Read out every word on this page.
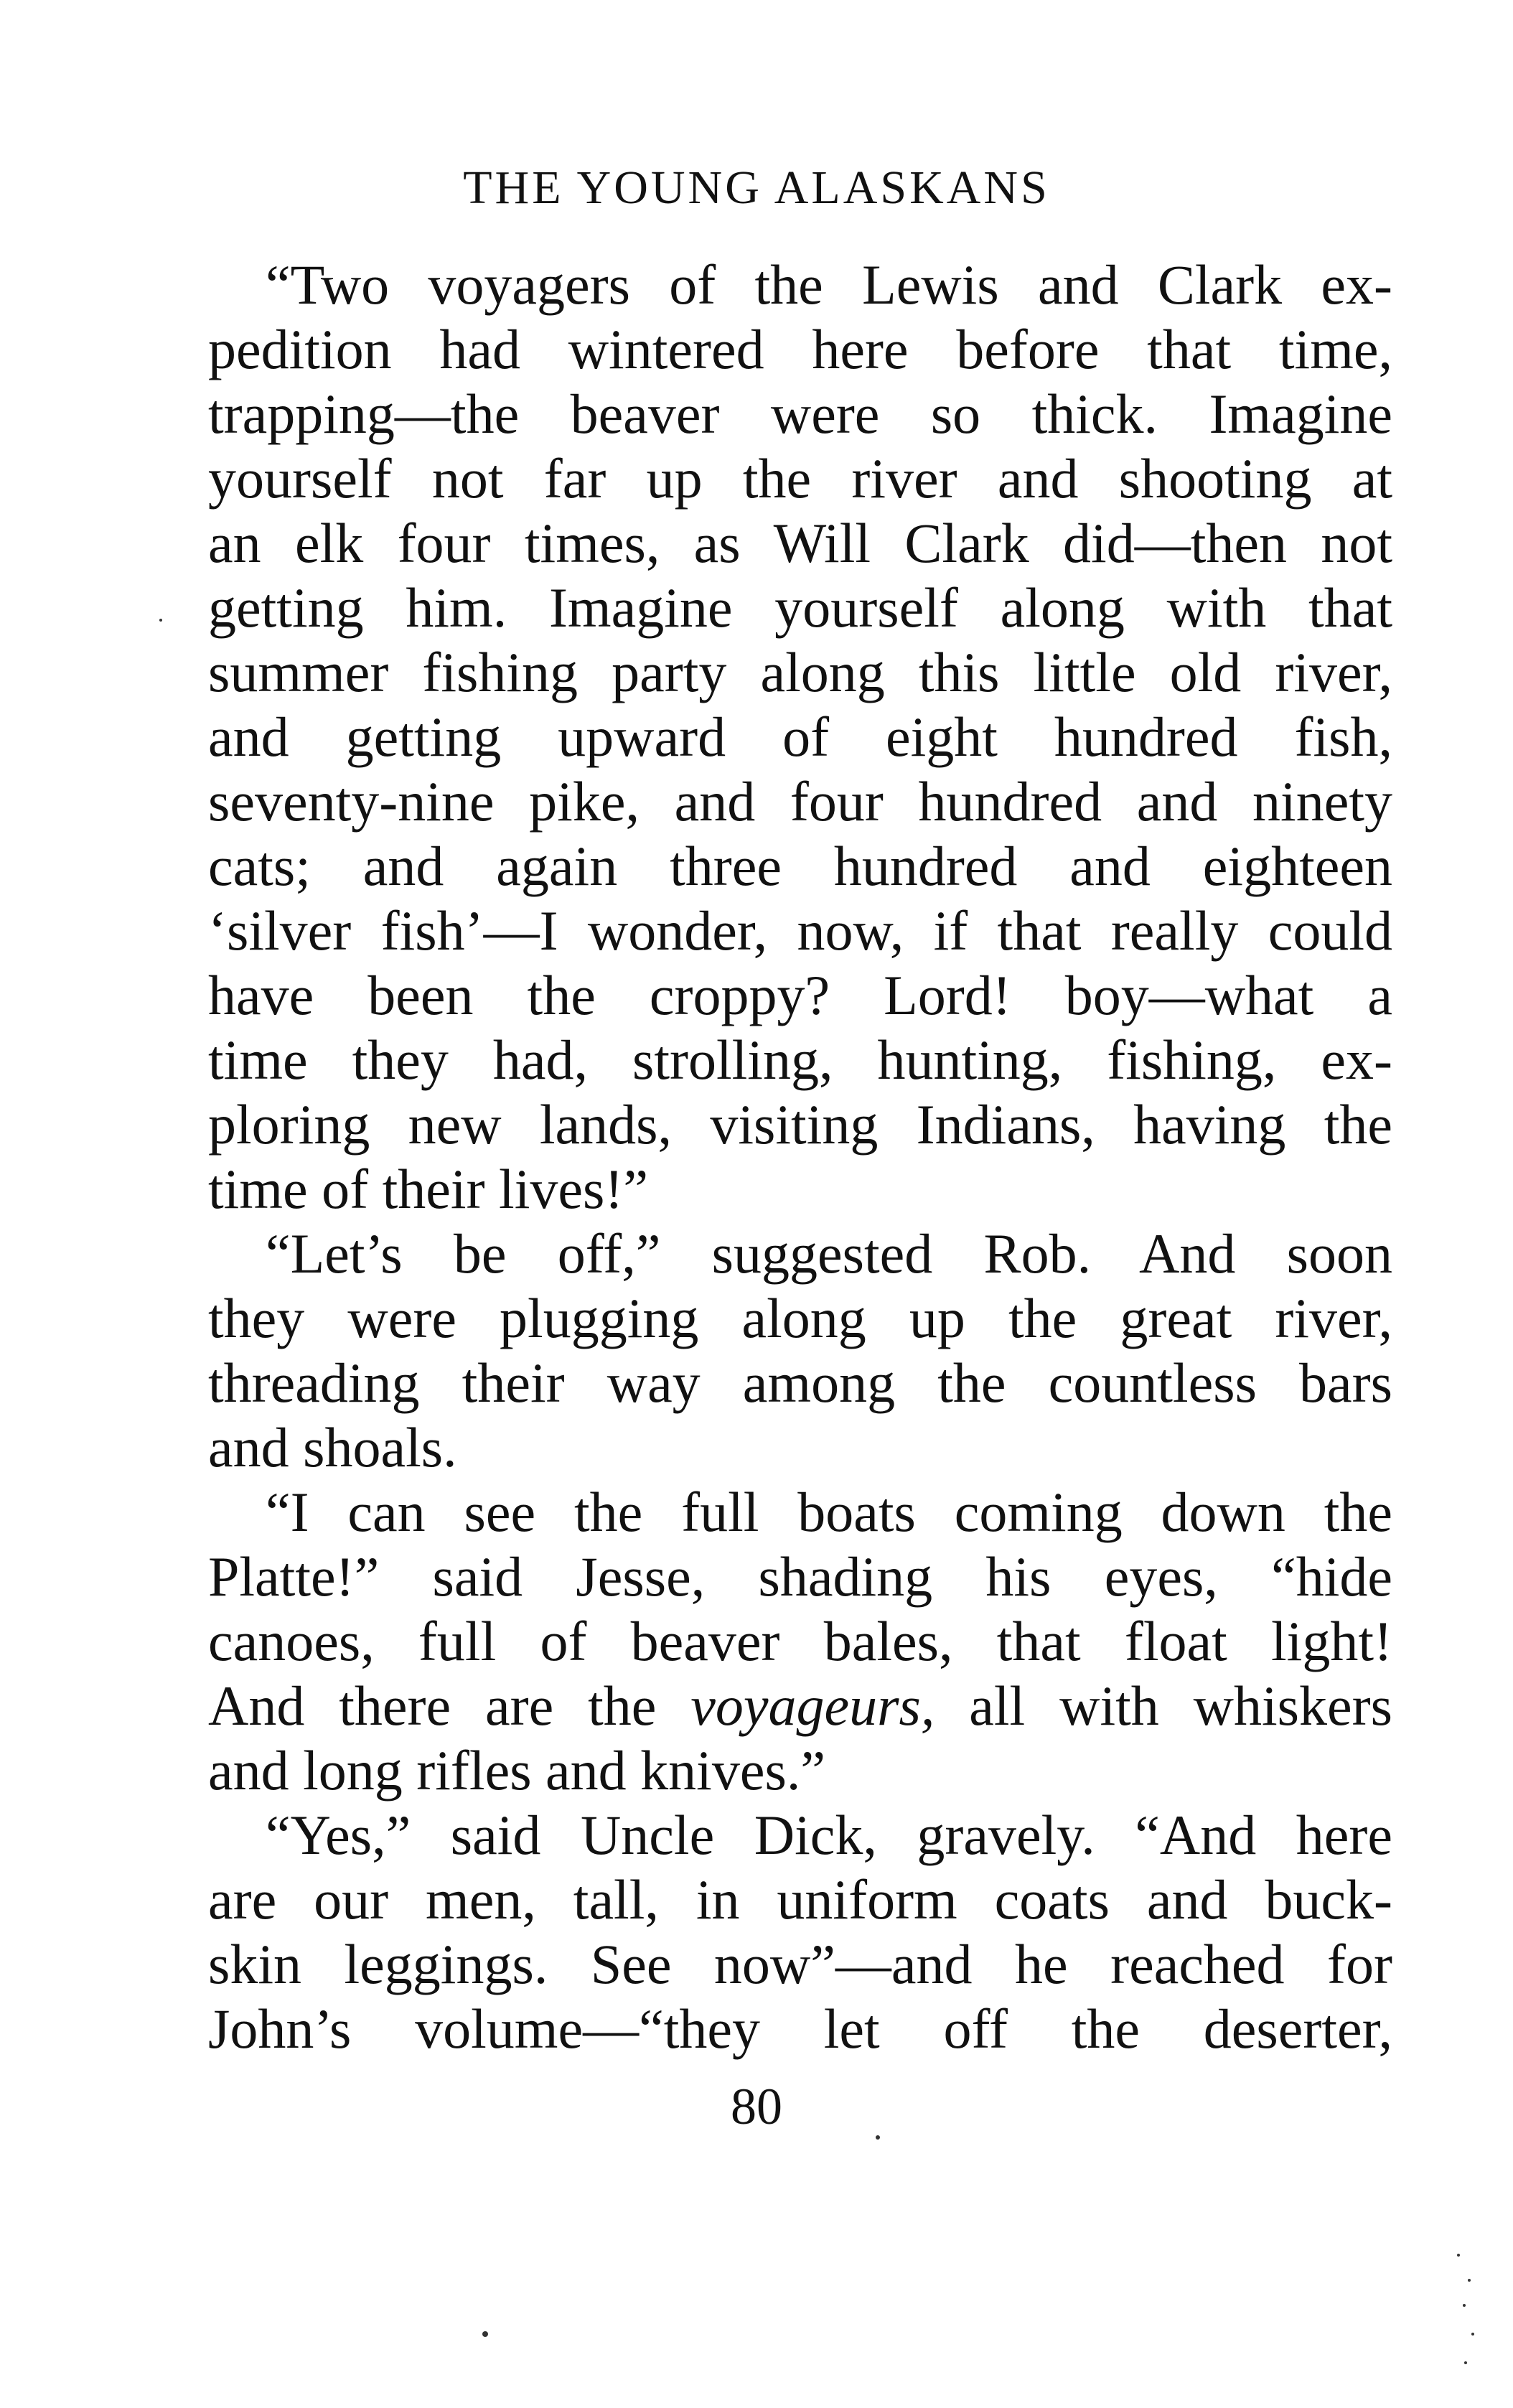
THE YOUNG ALASKANS
“Two voyagers of the Lewis and Clark ex-
pedition had wintered here before that time,
trapping—the beaver were so thick. Imagine
yourself not far up the river and shooting at
an elk four times, as Will Clark did—then not
getting him. Imagine yourself along with that
summer fishing party along this little old river,
and getting upward of eight hundred fish,
seventy-nine pike, and four hundred and ninety
cats; and again three hundred and eighteen
‘silver fish’—I wonder, now, if that really could
have been the croppy? Lord! boy—what a
time they had, strolling, hunting, fishing, ex-
ploring new lands, visiting Indians, having the
time of their lives!”
“Let’s be off,” suggested Rob. And soon
they were plugging along up the great river,
threading their way among the countless bars
and shoals.
“I can see the full boats coming down the
Platte!” said Jesse, shading his eyes, “hide
canoes, full of beaver bales, that float light!
And there are the voyageurs, all with whiskers
and long rifles and knives.”
“Yes,” said Uncle Dick, gravely. “And here
are our men, tall, in uniform coats and buck-
skin leggings. See now”—and he reached for
John’s volume—“they let off the deserter,
80
